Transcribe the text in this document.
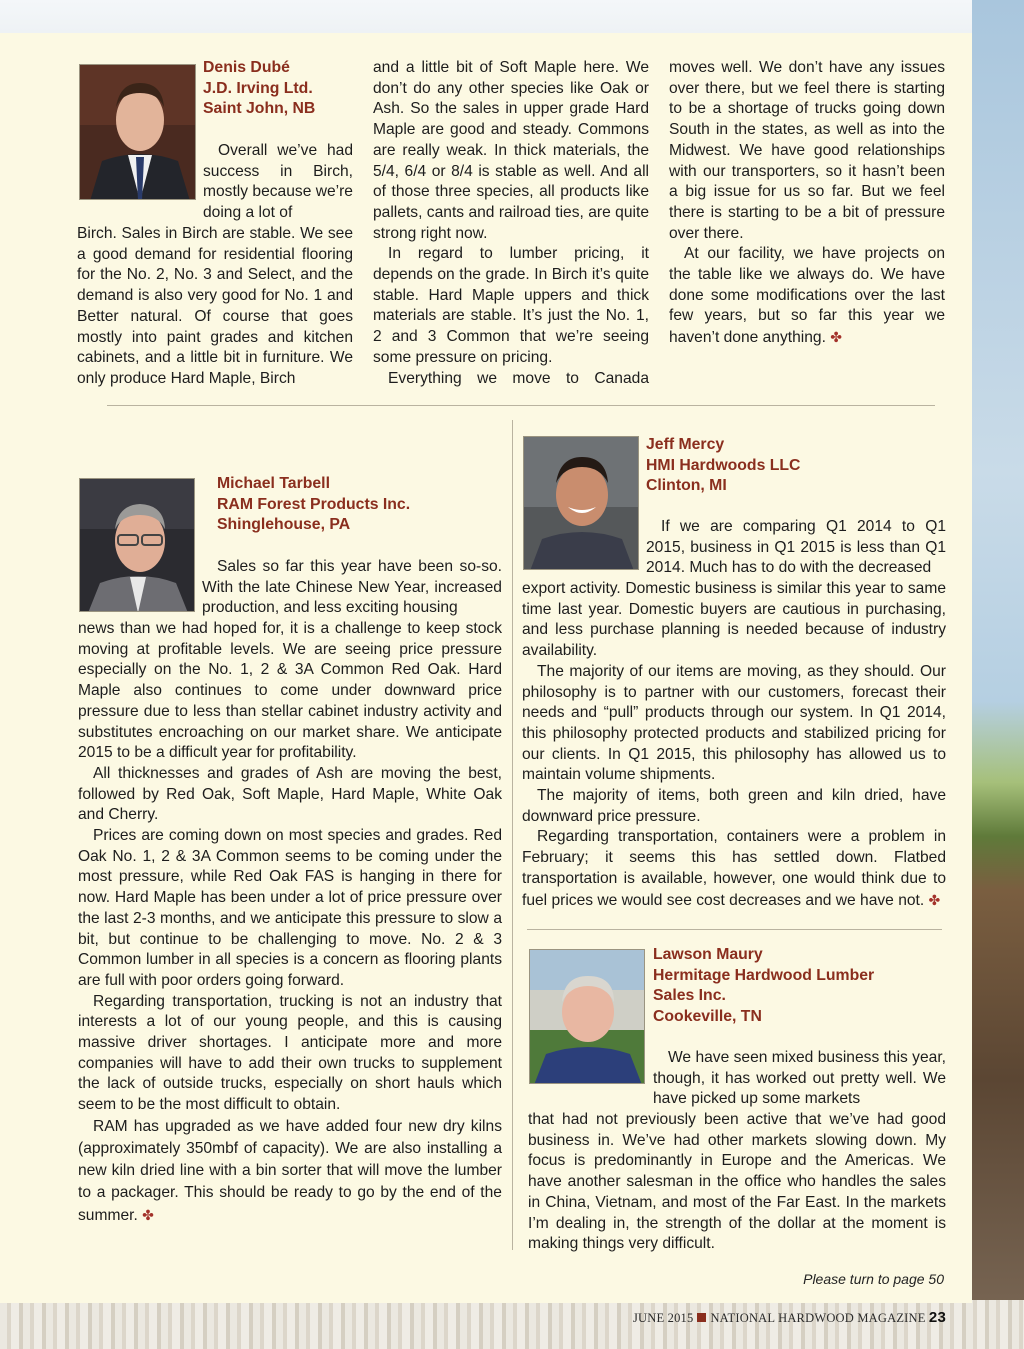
Denis Dubé
J.D. Irving Ltd.
Saint John, NB

Overall we’ve had success in Birch, mostly because we’re doing a lot of

Birch. Sales in Birch are stable. We see a good demand for residential flooring for the No. 2, No. 3 and Select, and the demand is also very good for No. 1 and Better natural. Of course that goes mostly into paint grades and kitchen cabinets, and a little bit in furniture. We only produce Hard Maple, Birch

and a little bit of Soft Maple here. We don’t do any other species like Oak or Ash. So the sales in upper grade Hard Maple are good and steady. Commons are really weak. In thick materials, the 5/4, 6/4 or 8/4 is stable as well. And all of those three species, all products like pallets, cants and railroad ties, are quite strong right now.

In regard to lumber pricing, it depends on the grade. In Birch it’s quite stable. Hard Maple uppers and thick materials are stable. It’s just the No. 1, 2 and 3 Common that we’re seeing some pressure on pricing.

Everything we move to Canada

moves well. We don’t have any issues over there, but we feel there is starting to be a shortage of trucks going down South in the states, as well as into the Midwest. We have good relationships with our transporters, so it hasn’t been a big issue for us so far. But we feel there is starting to be a bit of pressure over there.

At our facility, we have projects on the table like we always do. We have done some modifications over the last few years, but so far this year we haven’t done anything. ✤

Michael Tarbell
RAM Forest Products Inc.
Shinglehouse, PA

Sales so far this year have been so-so. With the late Chinese New Year, increased production, and less exciting housing

news than we had hoped for, it is a challenge to keep stock moving at profitable levels. We are seeing price pressure especially on the No. 1, 2 & 3A Common Red Oak. Hard Maple also continues to come under downward price pressure due to less than stellar cabinet industry activity and substitutes encroaching on our market share. We anticipate 2015 to be a difficult year for profitability.

All thicknesses and grades of Ash are moving the best, followed by Red Oak, Soft Maple, Hard Maple, White Oak and Cherry.

Prices are coming down on most species and grades. Red Oak No. 1, 2 & 3A Common seems to be coming under the most pressure, while Red Oak FAS is hanging in there for now. Hard Maple has been under a lot of price pressure over the last 2-3 months, and we anticipate this pressure to slow a bit, but continue to be challenging to move. No. 2 & 3 Common lumber in all species is a concern as flooring plants are full with poor orders going forward.

Regarding transportation, trucking is not an industry that interests a lot of our young people, and this is causing massive driver shortages. I anticipate more and more companies will have to add their own trucks to supplement the lack of outside trucks, especially on short hauls which seem to be the most difficult to obtain.

RAM has upgraded as we have added four new dry kilns (approximately 350mbf of capacity). We are also installing a new kiln dried line with a bin sorter that will move the lumber to a packager. This should be ready to go by the end of the summer. ✤

Jeff Mercy
HMI Hardwoods LLC
Clinton, MI

If we are comparing Q1 2014 to Q1 2015, business in Q1 2015 is less than Q1 2014. Much has to do with the decreased

export activity. Domestic business is similar this year to same time last year. Domestic buyers are cautious in purchasing, and less purchase planning is needed because of industry availability.

The majority of our items are moving, as they should. Our philosophy is to partner with our customers, forecast their needs and “pull” products through our system. In Q1 2014, this philosophy protected products and stabilized pricing for our clients. In Q1 2015, this philosophy has allowed us to maintain volume shipments.

The majority of items, both green and kiln dried, have downward price pressure.

Regarding transportation, containers were a problem in February; it seems this has settled down. Flatbed transportation is available, however, one would think due to fuel prices we would see cost decreases and we have not. ✤

Lawson Maury
Hermitage Hardwood Lumber
Sales Inc.
Cookeville, TN

We have seen mixed business this year, though, it has worked out pretty well. We have picked up some markets

that had not previously been active that we’ve had good business in. We’ve had other markets slowing down. My focus is predominantly in Europe and the Americas. We have another salesman in the office who handles the sales in China, Vietnam, and most of the Far East. In the markets I’m dealing in, the strength of the dollar at the moment is making things very difficult.

Please turn to page 50
JUNE 2015 NATIONAL HARDWOOD MAGAZINE 23
